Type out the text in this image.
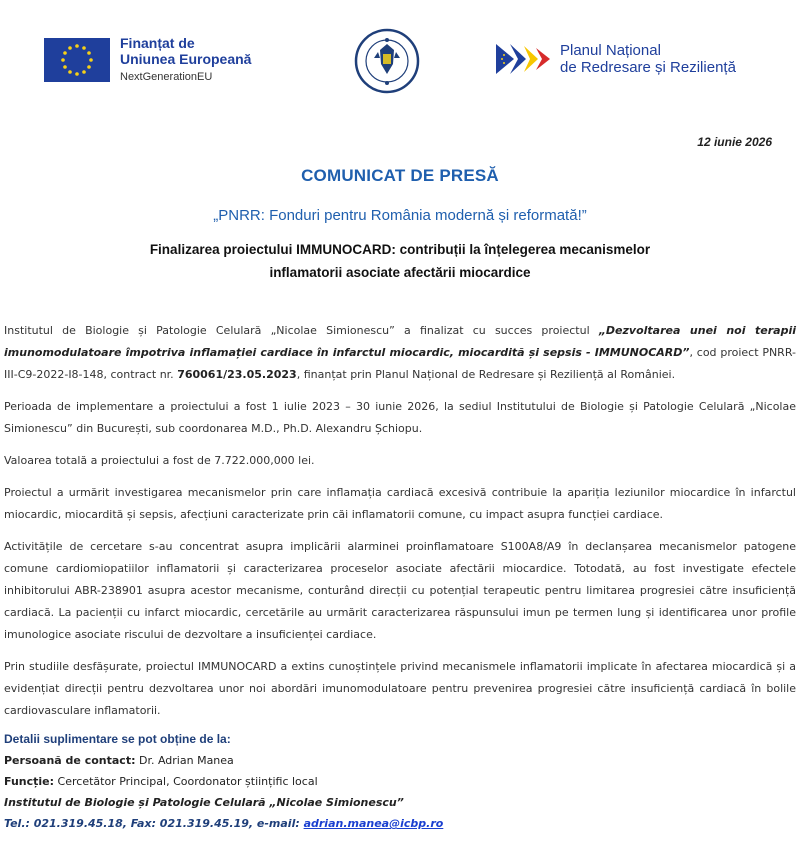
Finanțat de
Uniunea Europeană
NextGenerationEU
Planul Național
de Redresare și Reziliență
12 iunie 2026
COMUNICAT DE PRESĂ
„PNRR: Fonduri pentru România modernă și reformată!”
Finalizarea proiectului IMMUNOCARD: contribuții la înțelegerea mecanismelor
inflamatorii asociate afectării miocardice

Institutul de Biologie și Patologie Celulară „Nicolae Simionescu” a finalizat cu succes proiectul „Dezvoltarea unei noi terapii imunomodulatoare împotriva inflamației cardiace în infarctul miocardic, miocardită și sepsis - IMMUNOCARD”, cod proiect PNRR-III-C9-2022-I8-148, contract nr. 760061/23.05.2023, finanțat prin Planul Național de Redresare și Reziliență al României.

Perioada de implementare a proiectului a fost 1 iulie 2023 – 30 iunie 2026, la sediul Institutului de Biologie și Patologie Celulară „Nicolae Simionescu” din București, sub coordonarea M.D., Ph.D. Alexandru Șchiopu.

Valoarea totală a proiectului a fost de 7.722.000,000 lei.

Proiectul a urmărit investigarea mecanismelor prin care inflamația cardiacă excesivă contribuie la apariția leziunilor miocardice în infarctul miocardic, miocardită și sepsis, afecțiuni caracterizate prin căi inflamatorii comune, cu impact asupra funcției cardiace.

Activitățile de cercetare s-au concentrat asupra implicării alarminei proinflamatoare S100A8/A9 în declanșarea mecanismelor patogene comune cardiomiopatiilor inflamatorii și caracterizarea proceselor asociate afectării miocardice. Totodată, au fost investigate efectele inhibitorului ABR-238901 asupra acestor mecanisme, conturând direcții cu potențial terapeutic pentru limitarea progresiei către insuficiență cardiacă. La pacienții cu infarct miocardic, cercetările au urmărit caracterizarea răspunsului imun pe termen lung și identificarea unor profile imunologice asociate riscului de dezvoltare a insuficienței cardiace.

Prin studiile desfășurate, proiectul IMMUNOCARD a extins cunoștințele privind mecanismele inflamatorii implicate în afectarea miocardică și a evidențiat direcții pentru dezvoltarea unor noi abordări imunomodulatoare pentru prevenirea progresiei către insuficiență cardiacă în bolile cardiovasculare inflamatorii.

Detalii suplimentare se pot obține de la:
Persoană de contact: Dr. Adrian Manea
Funcție: Cercetător Principal, Coordonator științific local
Institutul de Biologie și Patologie Celulară „Nicolae Simionescu”
Tel.: 021.319.45.18, Fax: 021.319.45.19, e-mail: adrian.manea@icbp.ro
